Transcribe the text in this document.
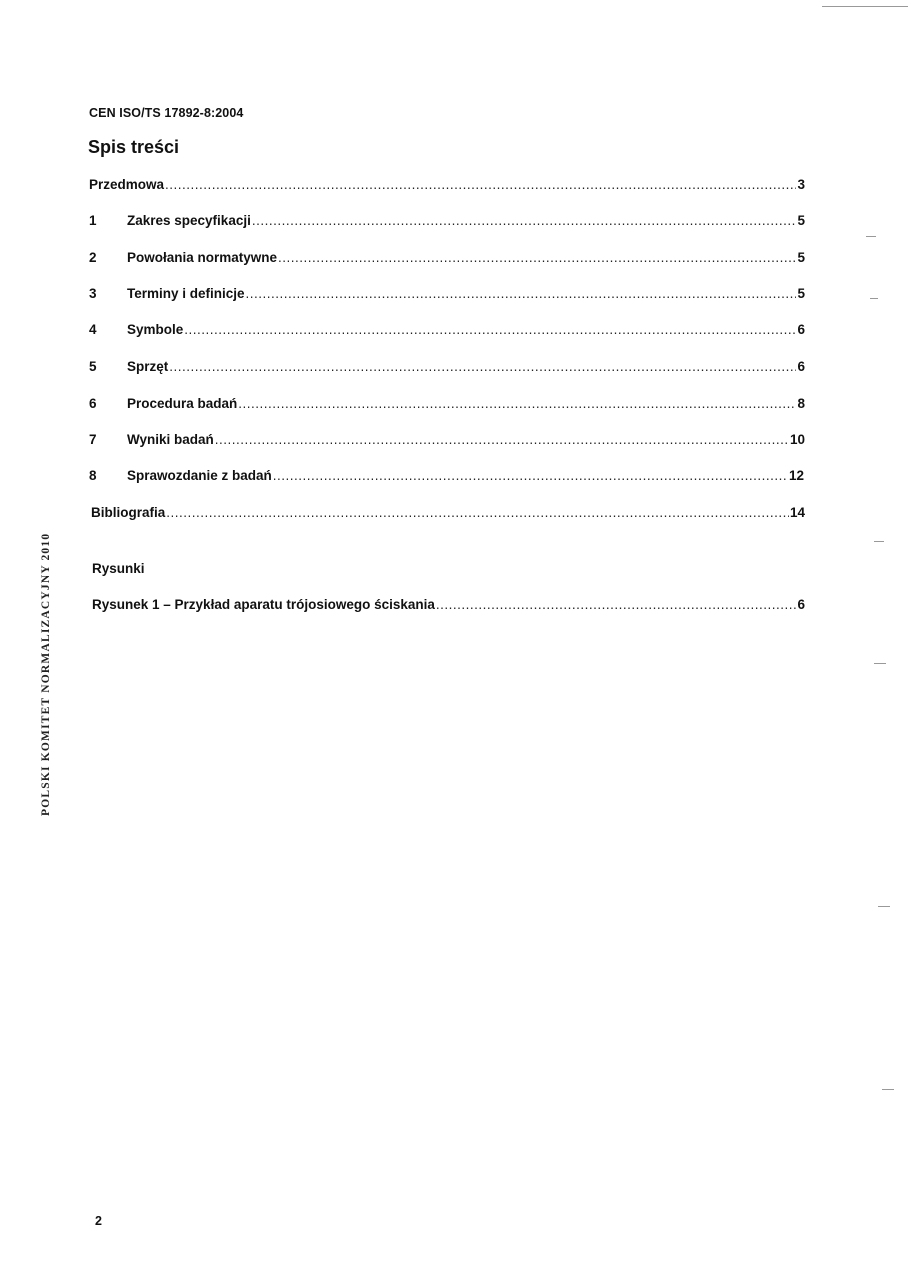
CEN ISO/TS 17892-8:2004
Spis treści
Przedmowa .....	3
1	Zakres specyfikacji .....	5
2	Powołania normatywne .....	5
3	Terminy i definicje .....	5
4	Symbole .....	6
5	Sprzęt .....	6
6	Procedura badań .....	8
7	Wyniki badań .....	10
8	Sprawozdanie z badań .....	12
Bibliografia .....	14
Rysunki
Rysunek 1 – Przykład aparatu trójosiowego ściskania .....	6
POLSKI KOMITET NORMALIZACYJNY 2010
2
